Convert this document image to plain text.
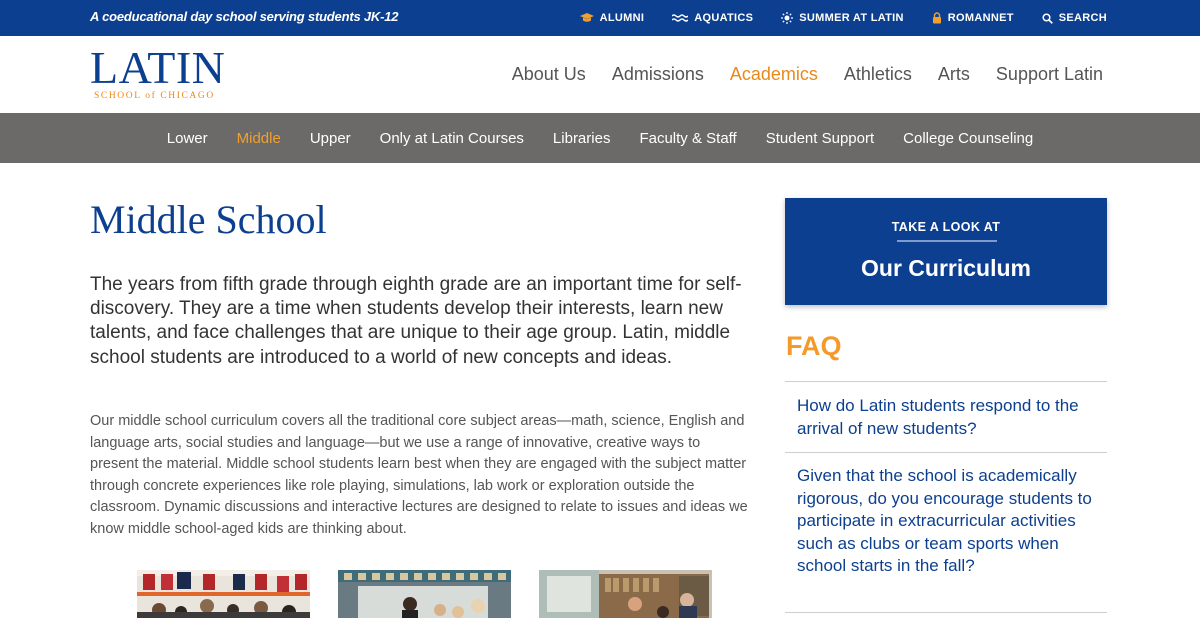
A coeducational day school serving students JK-12	ALUMNI	AQUATICS	SUMMER AT LATIN	ROMANNET	SEARCH
LATIN
SCHOOL of CHICAGO
About Us Admissions Academics Athletics Arts Support Latin
Lower Middle Upper Only at Latin Courses Libraries Faculty & Staff Student Support College Counseling
Middle School

The years from fifth grade through eighth grade are an important time for self-discovery. They are a time when students develop their interests, learn new talents, and face challenges that are unique to their age group. Latin, middle school students are introduced to a world of new concepts and ideas.

Our middle school curriculum covers all the traditional core subject areas—math, science, English and language arts, social studies and language—but we use a range of innovative, creative ways to present the material. Middle school students learn best when they are engaged with the subject matter through concrete experiences like role playing, simulations, lab work or exploration outside the classroom. Dynamic discussions and interactive lectures are designed to relate to issues and ideas we know middle school-aged kids are thinking about.

TAKE A LOOK AT
Our Curriculum
FAQ
How do Latin students respond to the arrival of new students?
Given that the school is academically rigorous, do you encourage students to participate in extracurricular activities such as clubs or team sports when school starts in the fall?
